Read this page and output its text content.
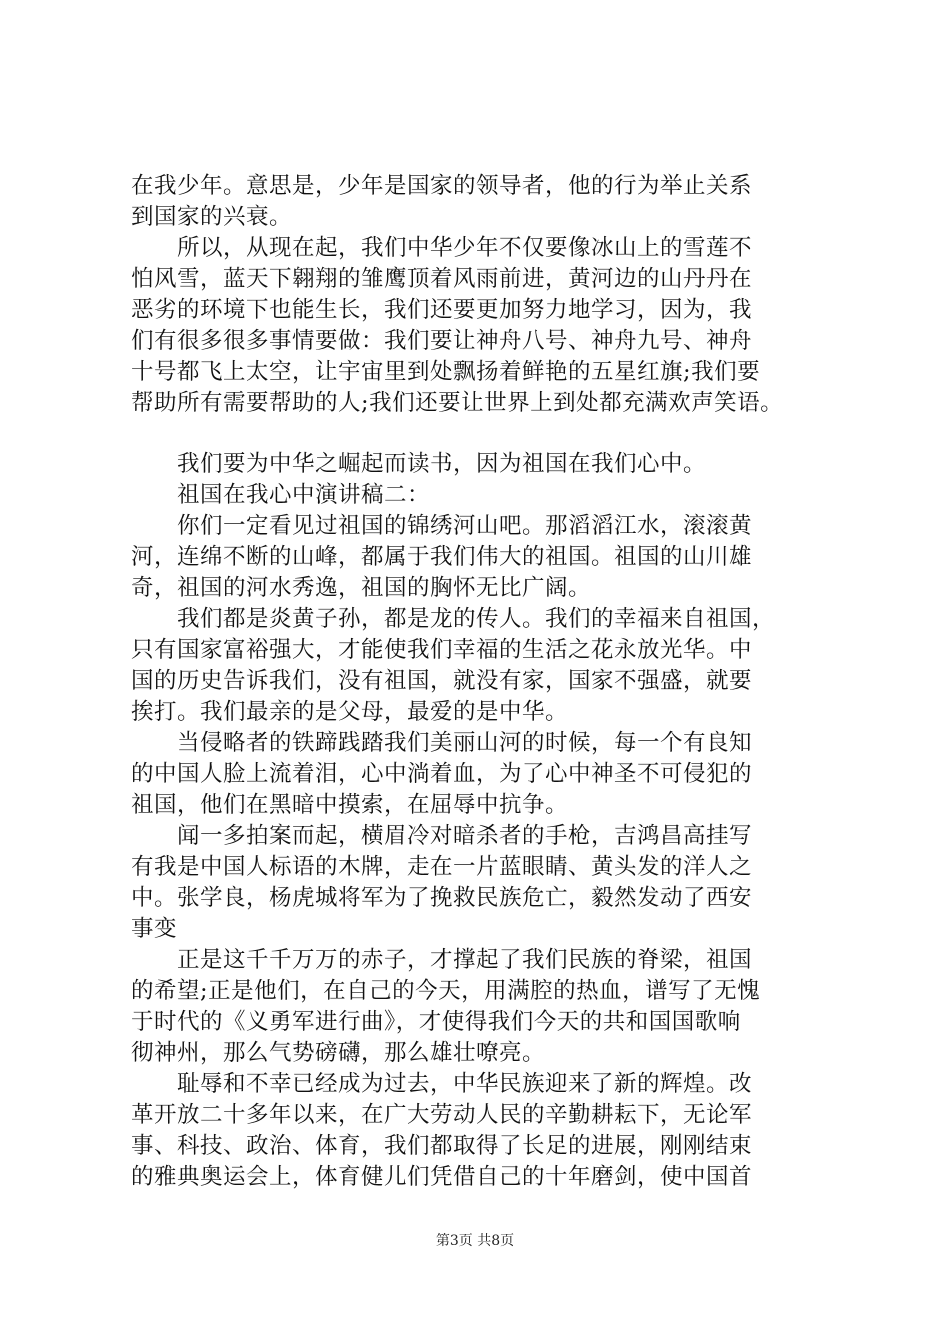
在我少年。意思是，少年是国家的领导者，他的行为举止关系
到国家的兴衰。
　　所以，从现在起，我们中华少年不仅要像冰山上的雪莲不
怕风雪，蓝天下翱翔的雏鹰顶着风雨前进，黄河边的山丹丹在
恶劣的环境下也能生长，我们还要更加努力地学习，因为，我
们有很多很多事情要做：我们要让神舟八号、神舟九号、神舟
十号都飞上太空，让宇宙里到处飘扬着鲜艳的五星红旗;我们要
帮助所有需要帮助的人;我们还要让世界上到处都充满欢声笑语。
　　我们要为中华之崛起而读书，因为祖国在我们心中。
　　祖国在我心中演讲稿二：
　　你们一定看见过祖国的锦绣河山吧。那滔滔江水，滚滚黄
河，连绵不断的山峰，都属于我们伟大的祖国。祖国的山川雄
奇，祖国的河水秀逸，祖国的胸怀无比广阔。
　　我们都是炎黄子孙，都是龙的传人。我们的幸福来自祖国，
只有国家富裕强大，才能使我们幸福的生活之花永放光华。中
国的历史告诉我们，没有祖国，就没有家，国家不强盛，就要
挨打。我们最亲的是父母，最爱的是中华。
　　当侵略者的铁蹄践踏我们美丽山河的时候，每一个有良知
的中国人脸上流着泪，心中淌着血，为了心中神圣不可侵犯的
祖国，他们在黑暗中摸索，在屈辱中抗争。
　　闻一多拍案而起，横眉冷对暗杀者的手枪，吉鸿昌高挂写
有我是中国人标语的木牌，走在一片蓝眼睛、黄头发的洋人之
中。张学良，杨虎城将军为了挽救民族危亡，毅然发动了西安
事变
　　正是这千千万万的赤子，才撑起了我们民族的脊梁，祖国
的希望;正是他们，在自己的今天，用满腔的热血，谱写了无愧
于时代的《义勇军进行曲》，才使得我们今天的共和国国歌响
彻神州，那么气势磅礴，那么雄壮嘹亮。
　　耻辱和不幸已经成为过去，中华民族迎来了新的辉煌。改
革开放二十多年以来，在广大劳动人民的辛勤耕耘下，无论军
事、科技、政治、体育，我们都取得了长足的进展，刚刚结束
的雅典奥运会上，体育健儿们凭借自己的十年磨剑，使中国首
第3页 共8页
